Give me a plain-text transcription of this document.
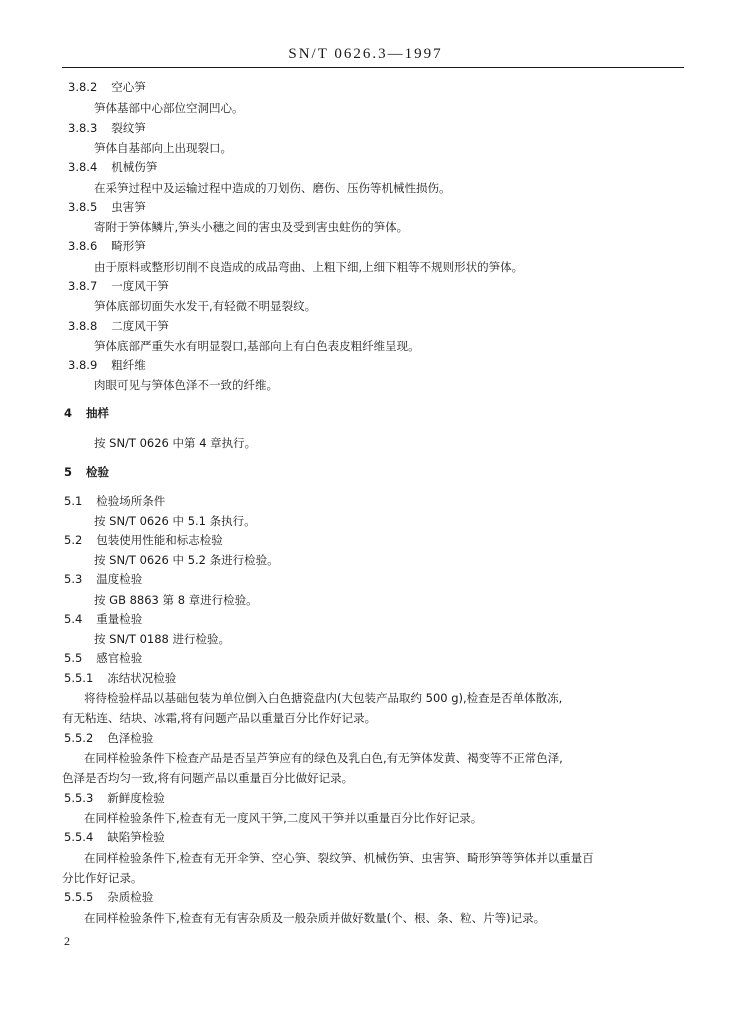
SN/T 0626.3—1997
3.8.2 空心笋
笋体基部中心部位空洞凹心。
3.8.3 裂纹笋
笋体自基部向上出现裂口。
3.8.4 机械伤笋
在采笋过程中及运输过程中造成的刀划伤、磨伤、压伤等机械性损伤。
3.8.5 虫害笋
寄附于笋体鳞片,笋头小穗之间的害虫及受到害虫蛀伤的笋体。
3.8.6 畸形笋
由于原料或整形切削不良造成的成品弯曲、上粗下细,上细下粗等不规则形状的笋体。
3.8.7 一度风干笋
笋体底部切面失水发干,有轻微不明显裂纹。
3.8.8 二度风干笋
笋体底部严重失水有明显裂口,基部向上有白色表皮粗纤维呈现。
3.8.9 粗纤维
肉眼可见与笋体色泽不一致的纤维。
4 抽样
按 SN/T 0626 中第 4 章执行。
5 检验
5.1 检验场所条件
按 SN/T 0626 中 5.1 条执行。
5.2 包装使用性能和标志检验
按 SN/T 0626 中 5.2 条进行检验。
5.3 温度检验
按 GB 8863 第 8 章进行检验。
5.4 重量检验
按 SN/T 0188 进行检验。
5.5 感官检验
5.5.1 冻结状况检验
将待检验样品以基础包装为单位倒入白色搪瓷盘内(大包装产品取约 500 g),检查是否单体散冻,
有无粘连、结块、冰霜,将有问题产品以重量百分比作好记录。
5.5.2 色泽检验
在同样检验条件下检查产品是否呈芦笋应有的绿色及乳白色,有无笋体发黄、褐变等不正常色泽,
色泽是否均匀一致,将有问题产品以重量百分比做好记录。
5.5.3 新鲜度检验
在同样检验条件下,检查有无一度风干笋,二度风干笋并以重量百分比作好记录。
5.5.4 缺陷笋检验
在同样检验条件下,检查有无开伞笋、空心笋、裂纹笋、机械伤笋、虫害笋、畸形笋等笋体并以重量百
分比作好记录。
5.5.5 杂质检验
在同样检验条件下,检查有无有害杂质及一般杂质并做好数量(个、根、条、粒、片等)记录。
2
